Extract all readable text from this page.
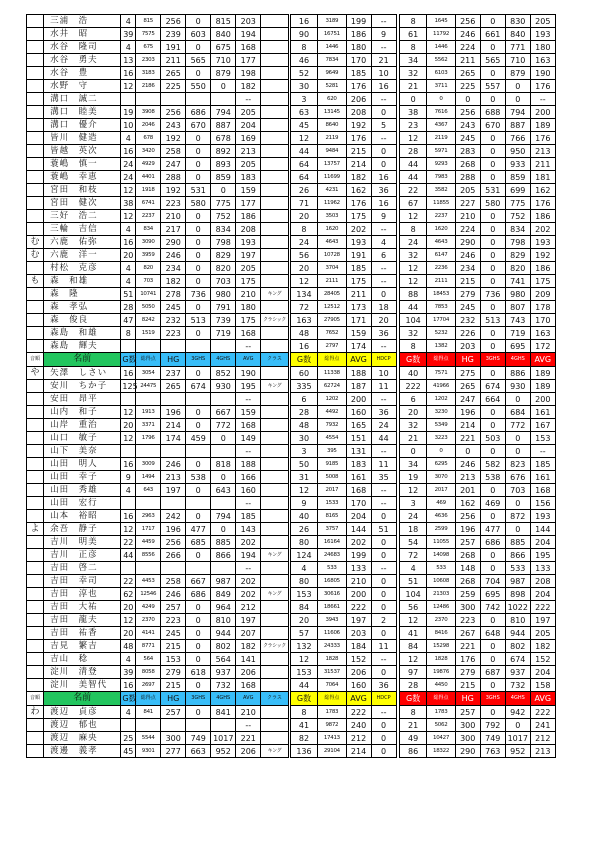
	三浦　浩	4	815	256	0	815	203			16	3189	199	--		8	1645	256	0	830	205
	水井　昭	39	7575	239	603	840	194			90	16751	186	9		61	11792	246	661	840	193
	水谷　隆司	4	675	191	0	675	168			8	1446	180	--		8	1446	224	0	771	180
	水谷　勇夫	13	2303	211	565	710	177			46	7834	170	21		34	5562	211	565	710	163
	水谷　豊	16	3183	265	0	879	198			52	9649	185	10		32	6103	265	0	879	190
	水野　守	12	2186	225	550	0	182			30	5281	176	16		21	3711	225	557	0	176
	溝口　誠二						--			3	620	206	--		0	0	0	0	0	--
	溝口　睦美	19	3908	256	686	794	205			63	13145	208	0		38	7616	256	688	794	200
	溝口　優介	10	2046	243	670	887	204			45	8640	192	5		23	4367	243	670	887	189
	皆川　健造	4	678	192	0	678	169			12	2119	176	--		12	2119	245	0	766	176
	皆越　英次	16	3420	258	0	892	213			44	9484	215	0		28	5971	283	0	950	213
	蓑嶋　慎一	24	4929	247	0	893	205			64	13757	214	0		44	9293	268	0	933	211
	蓑嶋　幸恵	24	4401	288	0	859	183			64	11699	182	16		44	7983	288	0	859	181
	宮田　和枝	12	1918	192	531	0	159			26	4231	162	36		22	3582	205	531	699	162
	宮田　健次	38	6741	223	580	775	177			71	11962	176	16		67	11855	227	580	775	176
	三好　浩二	12	2237	210	0	752	186			20	3503	175	9		12	2237	210	0	752	186
	三輪　吉信	4	834	217	0	834	208			8	1620	202	--		8	1620	224	0	834	202
む	六鹿　佑弥	16	3090	290	0	798	193			24	4643	193	4		24	4643	290	0	798	193
む	六鹿　洋一	20	3959	246	0	829	197			56	10728	191	6		32	6147	246	0	829	192
	村松　克彦	4	820	234	0	820	205			20	3704	185	--		12	2236	234	0	820	186
も	森　和雄	4	703	182	0	703	175			12	2111	175	--		12	2111	215	0	741	175
	森　隆	51	10741	278	736	980	210	キング		134	28405	211	0		88	18453	279	736	980	209
	森　孝弘	28	5050	245	0	791	180			72	12512	173	18		44	7853	245	0	807	178
	森　俊良	47	8242	232	513	739	175	クラシック		163	27905	171	20		104	17704	232	513	743	170
	森島　和雄	8	1519	223	0	719	168			48	7652	159	36		32	5232	226	0	719	163
	森島　輝夫						--			16	2797	174	--		8	1382	203	0	695	172
音順	名前	G数	総得点	HG	3GHS	4GHS	AVG	クラス		G数	総得点	AVG	HDCP		G数	総得点	HG	3GHS	4GHS	AVG
や	矢澤　しさい	16	3054	237	0	852	190			60	11338	188	10		40	7571	275	0	886	189
	安川　ちか子	125	24475	265	674	930	195	キング		335	62724	187	11		222	41966	265	674	930	189
	安田　昂平						--			6	1202	200	--		6	1202	247	664	0	200
	山内　和子	12	1913	196	0	667	159			28	4492	160	36		20	3230	196	0	684	161
	山岸　重治	20	3371	214	0	772	168			48	7932	165	24		32	5349	214	0	772	167
	山口　敏子	12	1796	174	459	0	149			30	4554	151	44		21	3223	221	503	0	153
	山下　美奈						--			3	395	131	--		0	0	0	0	0	--
	山田　明人	16	3009	246	0	818	188			50	9185	183	11		34	6295	246	582	823	185
	山田　幸子	9	1494	213	538	0	166			31	5008	161	35		19	3070	213	538	676	161
	山田　秀雄	4	643	197	0	643	160			12	2017	168	--		12	2017	201	0	703	168
	山田　宏行						--			9	1533	170	--		3	469	162	469	0	156
	山本　裕昭	16	2963	242	0	794	185			40	8165	204	0		24	4636	256	0	872	193
よ	余吾　静子	12	1717	196	477	0	143			26	3757	144	51		18	2599	196	477	0	144
	吉川　明美	22	4459	256	685	885	202			80	16164	202	0		54	11055	257	686	885	204
	吉川　正彦	44	8556	266	0	866	194	キング		124	24683	199	0		72	14098	268	0	866	195
	吉田　啓二						--			4	533	133	--		4	533	148	0	533	133
	吉田　幸司	22	4453	258	667	987	202			80	16805	210	0		51	10608	268	704	987	208
	吉田　淳也	62	12546	246	686	849	202	キング		153	30616	200	0		104	21303	259	695	898	204
	吉田　大祐	20	4249	257	0	964	212			84	18661	222	0		56	12486	300	742	1022	222
	吉田　龍夫	12	2370	223	0	810	197			20	3943	197	2		12	2370	223	0	810	197
	吉田　祐香	20	4141	245	0	944	207			57	11606	203	0		41	8416	267	648	944	205
	吉見　繁吉	48	8771	215	0	802	182	クラシック		132	24333	184	11		84	15298	221	0	802	182
	吉山　稔	4	564	153	0	564	141			12	1828	152	--		12	1828	176	0	674	152
	淀川　清登	39	8058	279	618	937	206			153	31537	206	0		97	19876	279	687	937	204
	淀川　美智代	16	2697	215	0	732	168			44	7064	160	36		28	4450	215	0	732	158
音順	名前	G数	総得点	HG	3GHS	4GHS	AVG	クラス		G数	総得点	AVG	HDCP		G数	総得点	HG	3GHS	4GHS	AVG
わ	渡辺　貞彦	4	841	257	0	841	210			8	1783	222	--		8	1783	257	0	942	222
	渡辺　郁也						--			41	9872	240	0		21	5062	300	792	0	241
	渡辺　麻央	25	5544	300	749	1017	221			82	17413	212	0		49	10427	300	749	1017	212
	渡邊　義孝	45	9301	277	663	952	206	キング		136	29104	214	0		86	18322	290	763	952	213
